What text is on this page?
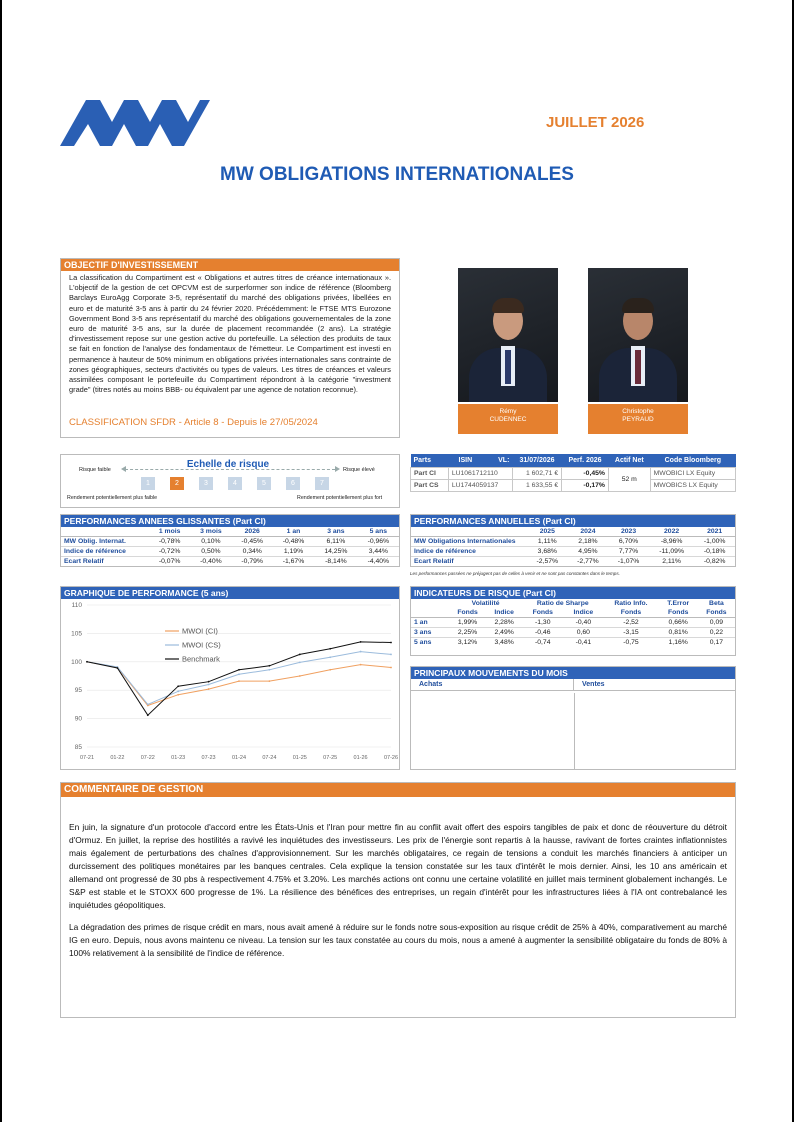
JUILLET 2026
MW OBLIGATIONS INTERNATIONALES
OBJECTIF D'INVESTISSEMENT
La classification du Compartiment est « Obligations et autres titres de créance internationaux ». L'objectif de la gestion de cet OPCVM est de surperformer son indice de référence (Bloomberg Barclays EuroAgg Corporate 3-5, représentatif du marché des obligations privées, libellées en euro et de maturité 3-5 ans à partir du 24 février 2020. Précédemment: le FTSE MTS Eurozone Government Bond 3-5 ans représentatif du marché des obligations gouvernementales de la zone euro de maturité 3-5 ans, sur la durée de placement recommandée (2 ans). La stratégie d'investissement repose sur une gestion active du portefeuille. La sélection des produits de taux se fait en fonction de l'analyse des fondamentaux de l'émetteur. Le Compartiment est investi en permanence à hauteur de 50% minimum en obligations privées internationales sans contrainte de zones géographiques, secteurs d'activités ou types de valeurs. Les titres de créances et valeurs assimilées composant le portefeuille du Compartiment répondront à la catégorie "investment grade" (titres notés au moins BBB- ou équivalent par une agence de notation reconnue).
CLASSIFICATION SFDR - Article 8 - Depuis le 27/05/2024
Rémy
CUDENNEC
Christophe
PEYRAUD
Echelle de risque
Risque faible	Risque élevé
1	2	3	4	5	6	7
Rendement potentiellement plus faible	Rendement potentiellement plus fort
Parts	ISIN	VL:	31/07/2026	Perf. 2026	Actif Net	Code Bloomberg
Part CI	LU1061712110		1 602,71 €	-0,45%	52 m	MWOBICI LX Equity
Part CS	LU1744059137		1 633,55 €	-0,17%		MWOBICS LX Equity
PERFORMANCES ANNEES GLISSANTES (Part CI)
	1 mois	3 mois	2026	1 an	3 ans	5 ans
MW Oblig. Internat.	-0,78%	0,10%	-0,45%	-0,48%	6,11%	-0,96%
Indice de référence	-0,72%	0,50%	0,34%	1,19%	14,25%	3,44%
Ecart Relatif	-0,07%	-0,40%	-0,79%	-1,67%	-8,14%	-4,40%
PERFORMANCES ANNUELLES (Part CI)
	2025	2024	2023	2022	2021
MW Obligations Internationales	1,11%	2,18%	6,70%	-8,96%	-1,00%
Indice de référence	3,68%	4,95%	7,77%	-11,09%	-0,18%
Ecart Relatif	-2,57%	-2,77%	-1,07%	2,11%	-0,82%
Les performances passées ne préjugent pas de celles à venir et ne sont pas constantes dans le temps.
GRAPHIQUE DE PERFORMANCE (5 ans)
85
90
95
100
105
110
07-21	01-22	07-22	01-23	07-23	01-24	07-24	01-25	07-25	01-26	07-26
MWOI (CI)
MWOI (CS)
Benchmark
INDICATEURS DE RISQUE (Part CI)
	Volatilité		Ratio de Sharpe		Ratio Info.	T.Error	Beta
	Fonds	Indice	Fonds	Indice	Fonds	Fonds	Fonds
1 an	1,99%	2,28%	-1,30	-0,40	-2,52	0,66%	0,09
3 ans	2,25%	2,49%	-0,46	0,60	-3,15	0,81%	0,22
5 ans	3,12%	3,48%	-0,74	-0,41	-0,75	1,16%	0,17
PRINCIPAUX MOUVEMENTS DU MOIS
Achats	Ventes
COMMENTAIRE DE GESTION

En juin, la signature d'un protocole d'accord entre les États-Unis et l'Iran pour mettre fin au conflit avait offert des espoirs tangibles de paix et donc de réouverture du détroit d'Ormuz. En juillet, la reprise des hostilités a ravivé les inquiétudes des investisseurs. Les prix de l'énergie sont repartis à la hausse, ravivant de fortes craintes inflationnistes mais également de perturbations des chaînes d'approvisionnement. Sur les marchés obligataires, ce regain de tensions a conduit les marchés financiers à anticiper un durcissement des politiques monétaires par les banques centrales. Cela explique la tension constatée sur les taux d'intérêt le mois dernier. Ainsi, les 10 ans américain et allemand ont progressé de 30 pbs à respectivement 4.75% et 3.20%. Les marchés actions ont connu une certaine volatilité en juillet mais terminent globalement inchangés. Le S&P est stable et le STOXX 600 progresse de 1%. La résilience des bénéfices des entreprises, un regain d'intérêt pour les infrastructures liées à l'IA ont contrebalancé les inquiétudes géopolitiques.

La dégradation des primes de risque crédit en mars, nous avait amené à réduire sur le fonds notre sous-exposition au risque crédit de 25% à 40%, comparativement au marché IG en euro. Depuis, nous avons maintenu ce niveau. La tension sur les taux constatée au cours du mois, nous a amené à augmenter la sensibilité obligataire du fonds de 80% à 100% relativement à la sensibilité de l'indice de référence.
